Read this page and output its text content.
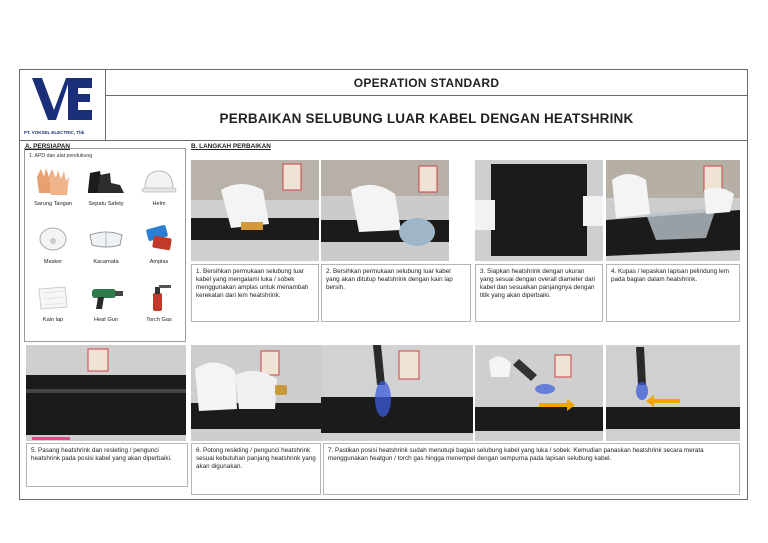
PT. VOKSEL ELECTRIC, Tbk
OPERATION STANDARD
PERBAIKAN SELUBUNG LUAR KABEL DENGAN HEATSHRINK
A. PERSIAPAN	B. LANGKAH PERBAIKAN
1. APD dan alat pendukung
Sarung Tangan	Sepatu Safety	Helm
Masker	Kacamata	Amplas
Kain lap	Heat Gun	Torch Gas
1. Bersihkan permukaan selubung luar kabel yang mengalami luka / sobek menggunakan amplas untuk menambah kerekatan dari lem heatshrink.
2. Bersihkan permukaan selubung luar kabel yang akan ditutup heatshrink dengan kain lap bersih.
3. Siapkan heatshrink dengan ukuran yang sesuai dengan overall diameter dari kabel dan sesuaikan panjangnya dengan titik yang akan diperbaiki.
4. Kupas / lepaskan lapisan pelindung lem pada bagian dalam heatshrink.
5. Pasang heatshrink dan resleting / pengunci heatshrink pada posisi kabel yang akan diperbaiki.
6. Potong resleting / pengunci heatshrink sesuai kebutuhan panjang heatshrink yang akan digunakan.
7. Pastikan posisi heatshrink sudah menutupi bagian selubung kabel yang luka / sobek. Kemudian panaskan heatshrink secara merata menggunakan heatgun / torch gas hingga menempel dengan sempurna pada lapisan selubung kabel.
